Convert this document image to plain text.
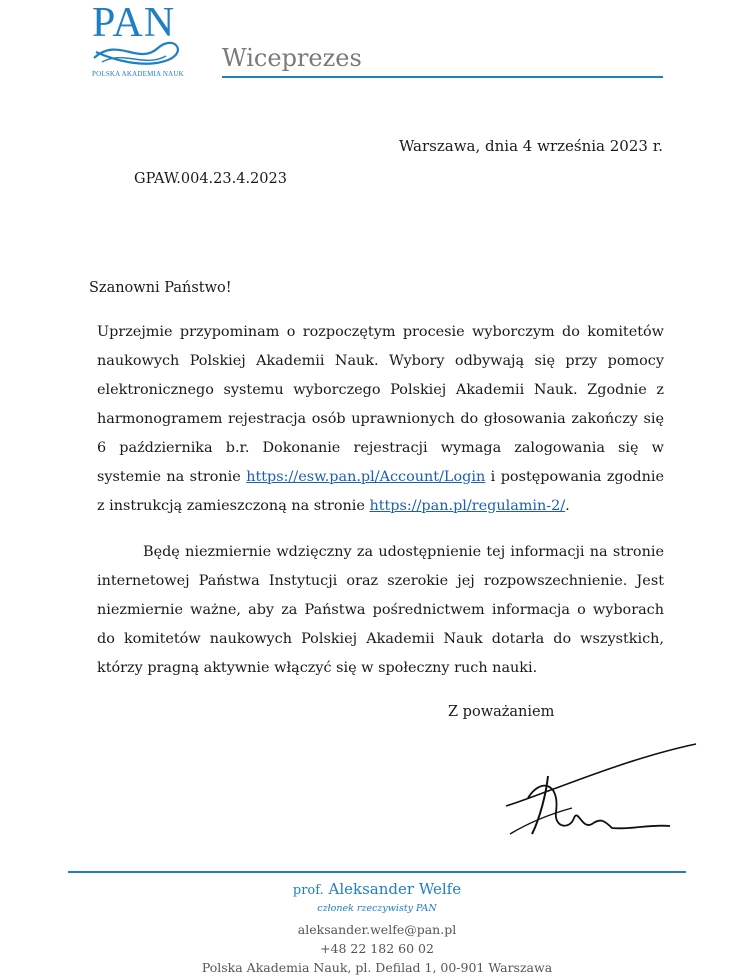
PAN
POLSKA AKADEMIA NAUK
Wiceprezes
Warszawa, dnia 4 września 2023 r.
GPAW.004.23.4.2023
Szanowni Państwo!
Uprzejmie przypominam o rozpoczętym procesie wyborczym do komitetów naukowych Polskiej Akademii Nauk. Wybory odbywają się przy pomocy elektronicznego systemu wyborczego Polskiej Akademii Nauk. Zgodnie z harmonogramem rejestracja osób uprawnionych do głosowania zakończy się 6 października b.r. Dokonanie rejestracji wymaga zalogowania się w systemie na stronie https://esw.pan.pl/Account/Login i postępowania zgodnie z instrukcją zamieszczoną na stronie https://pan.pl/regulamin-2/.
Będę niezmiernie wdzięczny za udostępnienie tej informacji na stronie internetowej Państwa Instytucji oraz szerokie jej rozpowszechnienie. Jest niezmiernie ważne, aby za Państwa pośrednictwem informacja o wyborach do komitetów naukowych Polskiej Akademii Nauk dotarła do wszystkich, którzy pragną aktywnie włączyć się w społeczny ruch nauki.
Z poważaniem
prof. Aleksander Welfe
członek rzeczywisty PAN
aleksander.welfe@pan.pl
+48 22 182 60 02
Polska Akademia Nauk, pl. Defilad 1, 00-901 Warszawa
